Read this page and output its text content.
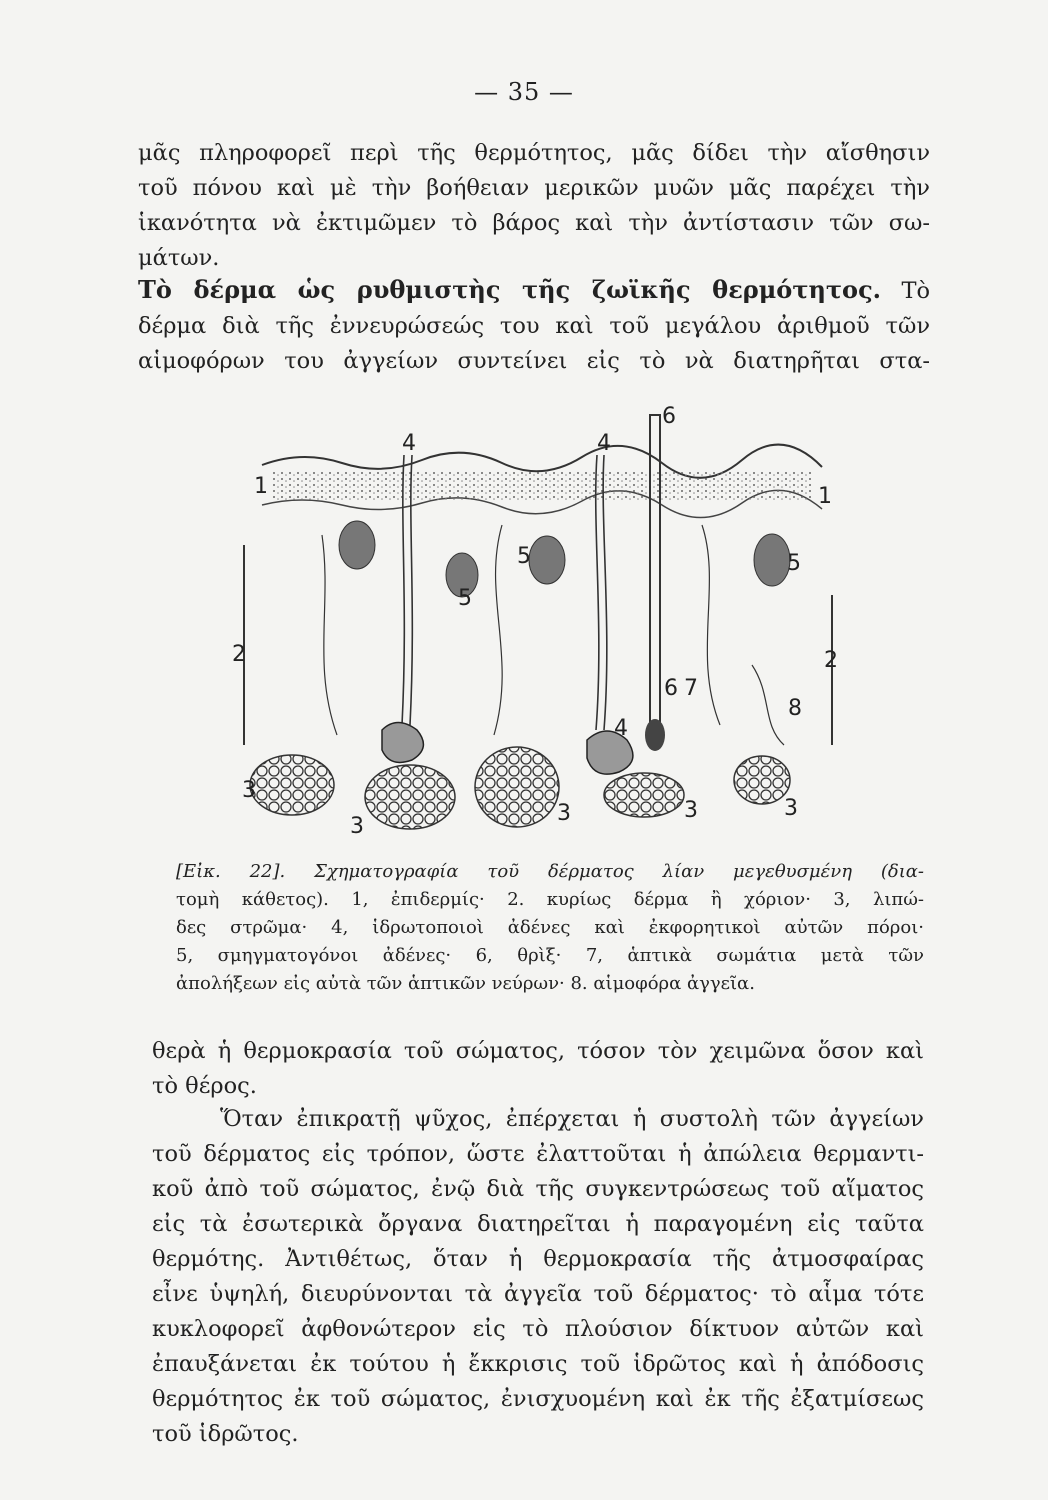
— 35 —
μᾶς πληροφορεῖ περὶ τῆς θερμότητος, μᾶς δίδει τὴν αἴσθησιν
τοῦ πόνου καὶ μὲ τὴν βοήθειαν μερικῶν μυῶν μᾶς παρέχει τὴν
ἱκανότητα νὰ ἐκτιμῶμεν τὸ βάρος καὶ τὴν ἀντίστασιν τῶν σω-
μάτων.
Τὸ δέρμα ὡς ρυθμιστὴς τῆς ζωϊκῆς θερμότητος. Τὸ
δέρμα διὰ τῆς ἐννευρώσεώς του καὶ τοῦ μεγάλου ἀριθμοῦ τῶν
αἱμοφόρων του ἀγγείων συντείνει εἰς τὸ νὰ διατηρῆται στα-
1	1
2	2
3
3
3	3	3
4	4
4
5
5	5
6
6 7
8
[Εἰκ. 22]. Σχηματογραφία τοῦ δέρματος λίαν μεγεθυσμένη (δια-
τομὴ κάθετος). 1, ἐπιδερμίς· 2. κυρίως δέρμα ἢ χόριον· 3, λιπώ-
δες στρῶμα· 4, ἱδρωτοποιοὶ ἀδένες καὶ ἐκφορητικοὶ αὐτῶν πόροι·
5, σμηγματογόνοι ἀδένες· 6, θρὶξ· 7, ἁπτικὰ σωμάτια μετὰ τῶν
ἀπολήξεων εἰς αὐτὰ τῶν ἁπτικῶν νεύρων· 8. αἱμοφόρα ἀγγεῖα.
θερὰ ἡ θερμοκρασία τοῦ σώματος, τόσον τὸν χειμῶνα ὅσον καὶ
τὸ θέρος.
Ὅταν ἐπικρατῇ ψῦχος, ἐπέρχεται ἡ συστολὴ τῶν ἀγγείων
τοῦ δέρματος εἰς τρόπον, ὥστε ἐλαττοῦται ἡ ἀπώλεια θερμαντι-
κοῦ ἀπὸ τοῦ σώματος, ἐνῷ διὰ τῆς συγκεντρώσεως τοῦ αἵματος
εἰς τὰ ἐσωτερικὰ ὄργανα διατηρεῖται ἡ παραγομένη εἰς ταῦτα
θερμότης. Ἀντιθέτως, ὅταν ἡ θερμοκρασία τῆς ἀτμοσφαίρας
εἶνε ὑψηλή, διευρύνονται τὰ ἀγγεῖα τοῦ δέρματος· τὸ αἷμα τότε
κυκλοφορεῖ ἀφθονώτερον εἰς τὸ πλούσιον δίκτυον αὐτῶν καὶ
ἐπαυξάνεται ἐκ τούτου ἡ ἔκκρισις τοῦ ἱδρῶτος καὶ ἡ ἀπόδοσις
θερμότητος ἐκ τοῦ σώματος, ἐνισχυομένη καὶ ἐκ τῆς ἐξατμίσεως
τοῦ ἱδρῶτος.
